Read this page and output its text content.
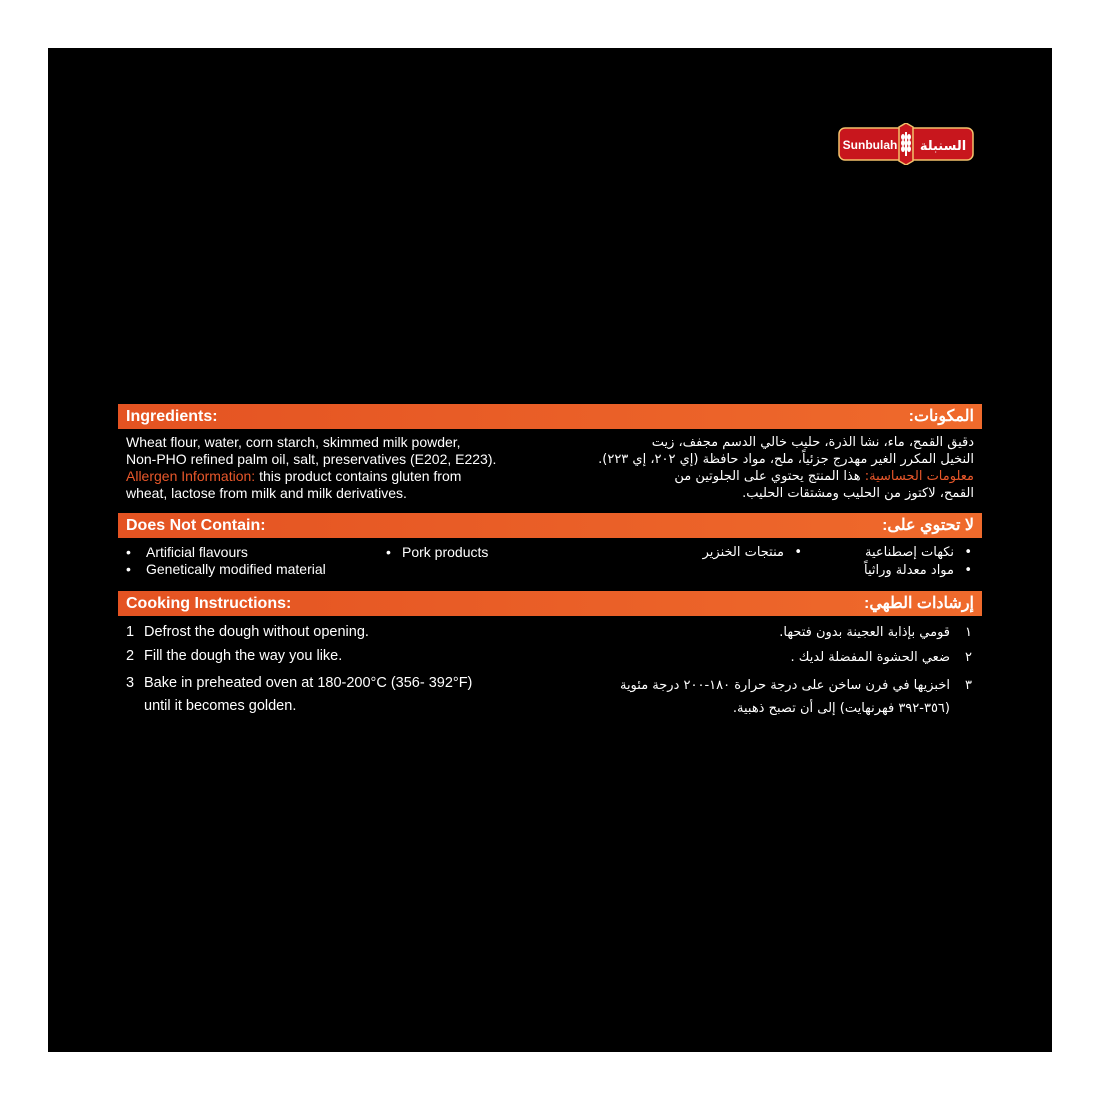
Sunbulah السنبلة
Ingredients:	المكونات:
Wheat flour, water, corn starch, skimmed milk powder,
Non-PHO refined palm oil, salt, preservatives (E202, E223).
Allergen Information: this product contains gluten from
wheat, lactose from milk and milk derivatives.
دقيق القمح، ماء، نشا الذرة، حليب خالي الدسم مجفف، زيت
النخيل المكرر الغير مهدرج جزئياً، ملح، مواد حافظة (إي ٢٠٢، إي ٢٢٣).
معلومات الحساسية: هذا المنتج يحتوي على الجلوتين من
القمح، لاكتوز من الحليب ومشتقات الحليب.
Does Not Contain:	لا تحتوي على:
• Artificial flavours
• Genetically modified material
• Pork products	•نكهات إصطناعية
•مواد معدلة وراثياً
•منتجات الخنزير
Cooking Instructions:	إرشادات الطهي:
1 Defrost the dough without opening.
2 Fill the dough the way you like.
3 Bake in preheated oven at 180-200°C (356- 392°F)
until it becomes golden.
١
قومي بإذابة العجينة بدون فتحها.
٢
ضعي الحشوة المفضلة لديك .
٣
اخبزيها في فرن ساخن على درجة حرارة ١٨٠-٢٠٠ درجة مئوية
(٣٥٦-٣٩٢ فهرنهايت) إلى أن تصبح ذهبية.
